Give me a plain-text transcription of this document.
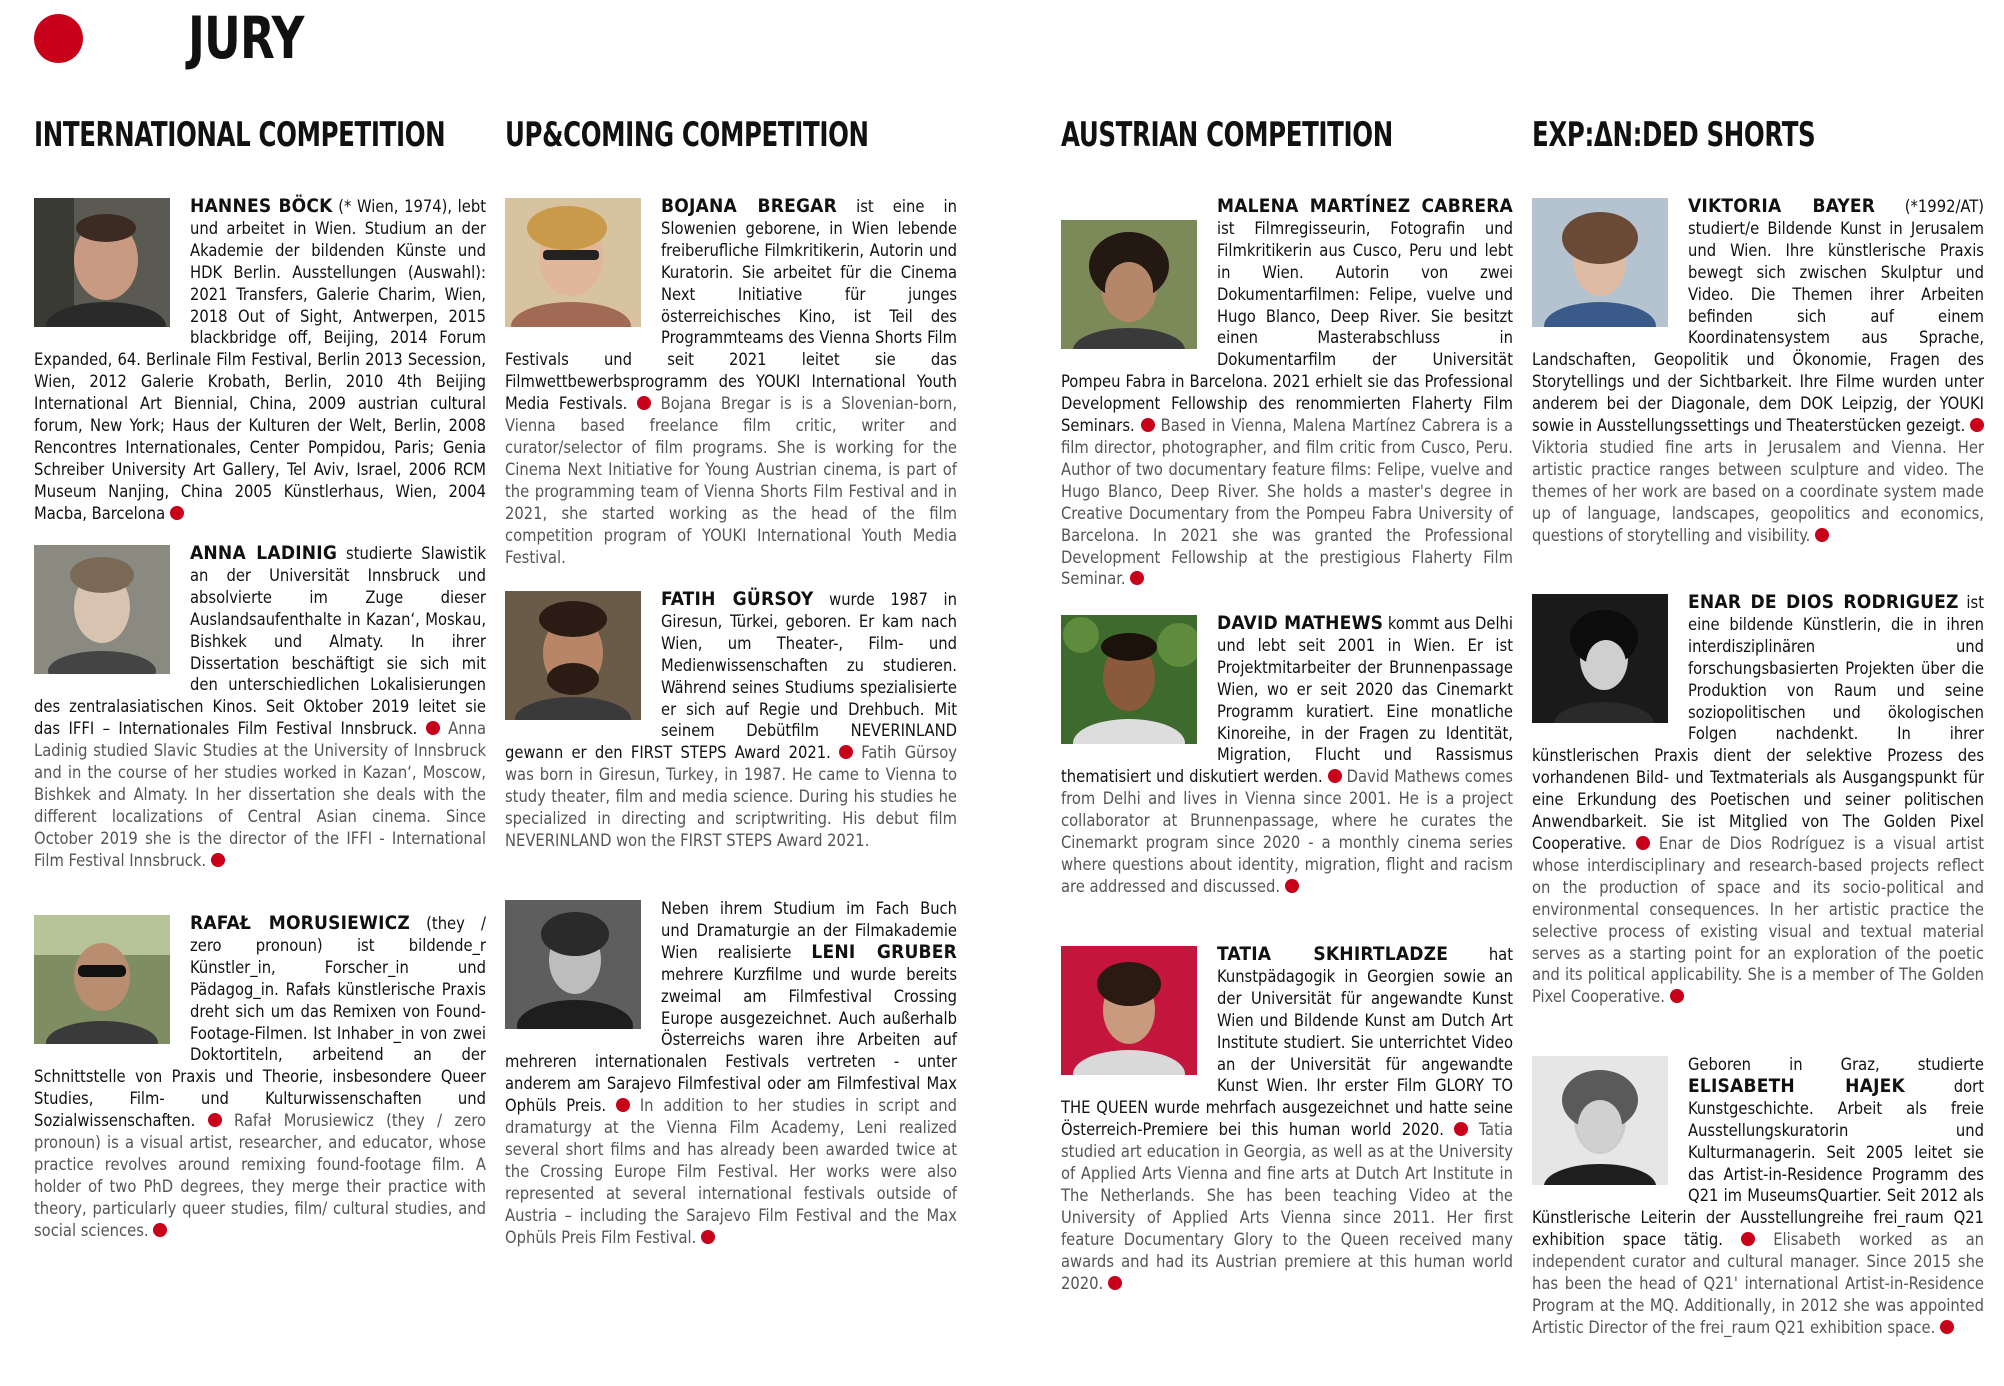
JURY
INTERNATIONAL COMPETITION
HANNES BÖCK (* Wien, 1974), lebt und arbeitet in Wien. Studium an der Akademie der bildenden Künste und HDK Berlin. Ausstellungen (Auswahl): 2021 Transfers, Galerie Charim, Wien, 2018 Out of Sight, Antwerpen, 2015 blackbridge off, Beijing, 2014 Forum Expanded, 64. Berlinale Film Festival, Berlin 2013 Secession, Wien, 2012 Galerie Krobath, Berlin, 2010 4th Beijing International Art Biennial, China, 2009 austrian cultural forum, New York; Haus der Kulturen der Welt, Berlin, 2008 Rencontres Internationales, Center Pompidou, Paris; Genia Schreiber University Art Gallery, Tel Aviv, Israel, 2006 RCM Museum Nanjing, China 2005 Künstlerhaus, Wien, 2004 Macba, Barcelona
ANNA LADINIG studierte Slawistik an der Universität Innsbruck und absolvierte im Zuge dieser Auslandsaufenthalte in Kazan‘, Moskau, Bishkek und Almaty. In ihrer Dissertation beschäftigt sie sich mit den unterschiedlichen Lokalisierungen des zentralasiatischen Kinos. Seit Oktober 2019 leitet sie das IFFI – Internationales Film Festival Innsbruck. Anna Ladinig studied Slavic Studies at the University of Innsbruck and in the course of her studies worked in Kazan‘, Moscow, Bishkek and Almaty. In her dissertation she deals with the different localizations of Central Asian cinema. Since October 2019 she is the director of the IFFI - International Film Festival Innsbruck.
RAFAŁ MORUSIEWICZ (they / zero pronoun) ist bildende_r Künstler_in, Forscher_in und Pädagog_in. Rafałs künstlerische Praxis dreht sich um das Remixen von Found-Footage-Filmen. Ist Inhaber_in von zwei Doktortiteln, arbeitend an der Schnittstelle von Praxis und Theorie, insbesondere Queer Studies, Film- und Kulturwissenschaften und Sozialwissenschaften. Rafał Morusiewicz (they / zero pronoun) is a visual artist, researcher, and educator, whose practice revolves around remixing found-footage film. A holder of two PhD degrees, they merge their practice with theory, particularly queer studies, film/ cultural studies, and social sciences.
UP&COMING COMPETITION
BOJANA BREGAR ist eine in Slowenien geborene, in Wien lebende freiberufliche Filmkritikerin, Autorin und Kuratorin. Sie arbeitet für die Cinema Next Initiative für junges österreichisches Kino, ist Teil des Programmteams des Vienna Shorts Film Festivals und seit 2021 leitet sie das Filmwettbewerbsprogramm des YOUKI International Youth Media Festivals. Bojana Bregar is is a Slovenian-born, Vienna based freelance film critic, writer and curator/selector of film programs. She is working for the Cinema Next Initiative for Young Austrian cinema, is part of the programming team of Vienna Shorts Film Festival and in 2021, she started working as the head of the film competition program of YOUKI International Youth Media Festival.
FATIH GÜRSOY wurde 1987 in Giresun, Türkei, geboren. Er kam nach Wien, um Theater-, Film- und Medienwissenschaften zu studieren. Während seines Studiums spezialisierte er sich auf Regie und Drehbuch. Mit seinem Debütfilm NEVERINLAND gewann er den FIRST STEPS Award 2021. Fatih Gürsoy was born in Giresun, Turkey, in 1987. He came to Vienna to study theater, film and media science. During his studies he specialized in directing and scriptwriting. His debut film NEVERINLAND won the FIRST STEPS Award 2021.
Neben ihrem Studium im Fach Buch und Dramaturgie an der Filmakademie Wien realisierte LENI GRUBER mehrere Kurzfilme und wurde bereits zweimal am Filmfestival Crossing Europe ausgezeichnet. Auch außerhalb Österreichs waren ihre Arbeiten auf mehreren internationalen Festivals vertreten - unter anderem am Sarajevo Filmfestival oder am Filmfestival Max Ophüls Preis. In addition to her studies in script and dramaturgy at the Vienna Film Academy, Leni realized several short films and has already been awarded twice at the Crossing Europe Film Festival. Her works were also represented at several international festivals outside of Austria – including the Sarajevo Film Festival and the Max Ophüls Preis Film Festival.
AUSTRIAN COMPETITION
MALENA MARTÍNEZ CABRERA ist Filmregisseurin, Fotografin und Filmkritikerin aus Cusco, Peru und lebt in Wien. Autorin von zwei Dokumentarfilmen: Felipe, vuelve und Hugo Blanco, Deep River. Sie besitzt einen Masterabschluss in Dokumentarfilm der Universität Pompeu Fabra in Barcelona. 2021 erhielt sie das Professional Development Fellowship des renommierten Flaherty Film Seminars. Based in Vienna, Malena Martínez Cabrera is a film director, photographer, and film critic from Cusco, Peru. Author of two documentary feature films: Felipe, vuelve and Hugo Blanco, Deep River. She holds a master's degree in Creative Documentary from the Pompeu Fabra University of Barcelona. In 2021 she was granted the Professional Development Fellowship at the prestigious Flaherty Film Seminar.
DAVID MATHEWS kommt aus Delhi und lebt seit 2001 in Wien. Er ist Projektmitarbeiter der Brunnenpassage Wien, wo er seit 2020 das Cinemarkt Programm kuratiert. Eine monatliche Kinoreihe, in der Fragen zu Identität, Migration, Flucht und Rassismus thematisiert und diskutiert werden. David Mathews comes from Delhi and lives in Vienna since 2001. He is a project collaborator at Brunnenpassage, where he curates the Cinemarkt program since 2020 - a monthly cinema series where questions about identity, migration, flight and racism are addressed and discussed.
TATIA SKHIRTLADZE hat Kunstpädagogik in Georgien sowie an der Universität für angewandte Kunst Wien und Bildende Kunst am Dutch Art Institute studiert. Sie unterrichtet Video an der Universität für angewandte Kunst Wien. Ihr erster Film GLORY TO THE QUEEN wurde mehrfach ausgezeichnet und hatte seine Österreich-Premiere bei this human world 2020. Tatia studied art education in Georgia, as well as at the University of Applied Arts Vienna and fine arts at Dutch Art Institute in The Netherlands. She has been teaching Video at the University of Applied Arts Vienna since 2011. Her first feature Documentary Glory to the Queen received many awards and had its Austrian premiere at this human world 2020.
EXP:ΔN:DED SHORTS
VIKTORIA BAYER (*1992/AT) studiert/e Bildende Kunst in Jerusalem und Wien. Ihre künstlerische Praxis bewegt sich zwischen Skulptur und Video. Die Themen ihrer Arbeiten befinden sich auf einem Koordinatensystem aus Sprache, Landschaften, Geopolitik und Ökonomie, Fragen des Storytellings und der Sichtbarkeit. Ihre Filme wurden unter anderem bei der Diagonale, dem DOK Leipzig, der YOUKI sowie in Ausstellungssettings und Theaterstücken gezeigt.  Viktoria studied fine arts in Jerusalem and Vienna. Her artistic practice ranges between sculpture and video. The themes of her work are based on a coordinate system made up of language, landscapes, geopolitics and economics, questions of storytelling and visibility.
ENAR DE DIOS RODRIGUEZ ist eine bildende Künstlerin, die in ihren interdisziplinären und forschungsbasierten Projekten über die Produktion von Raum und seine soziopolitischen und ökologischen Folgen nachdenkt. In ihrer künstlerischen Praxis dient der selektive Prozess des vorhandenen Bild- und Textmaterials als Ausgangspunkt für eine Erkundung des Poetischen und seiner politischen Anwendbarkeit. Sie ist Mitglied von The Golden Pixel Cooperative. Enar de Dios Rodríguez is a visual artist whose interdisciplinary and research-based projects reflect on the production of space and its socio-political and environmental consequences. In her artistic practice the selective process of existing visual and textual material serves as a starting point for an exploration of the poetic and its political applicability. She is a member of The Golden Pixel Cooperative.
Geboren in Graz, studierte ELISABETH HAJEK dort Kunstgeschichte. Arbeit als freie Ausstellungskuratorin und Kulturmanagerin. Seit 2005 leitet sie das Artist-in-Residence Programm des Q21 im MuseumsQuartier. Seit 2012 als Künstlerische Leiterin der Ausstellungreihe frei_raum Q21 exhibition space tätig.	Elisabeth worked as an independent curator and cultural manager. Since 2015 she has been the head of Q21' international Artist-in-Residence Program at the MQ. Additionally, in 2012 she was appointed Artistic Director of the frei_raum Q21 exhibition space.
